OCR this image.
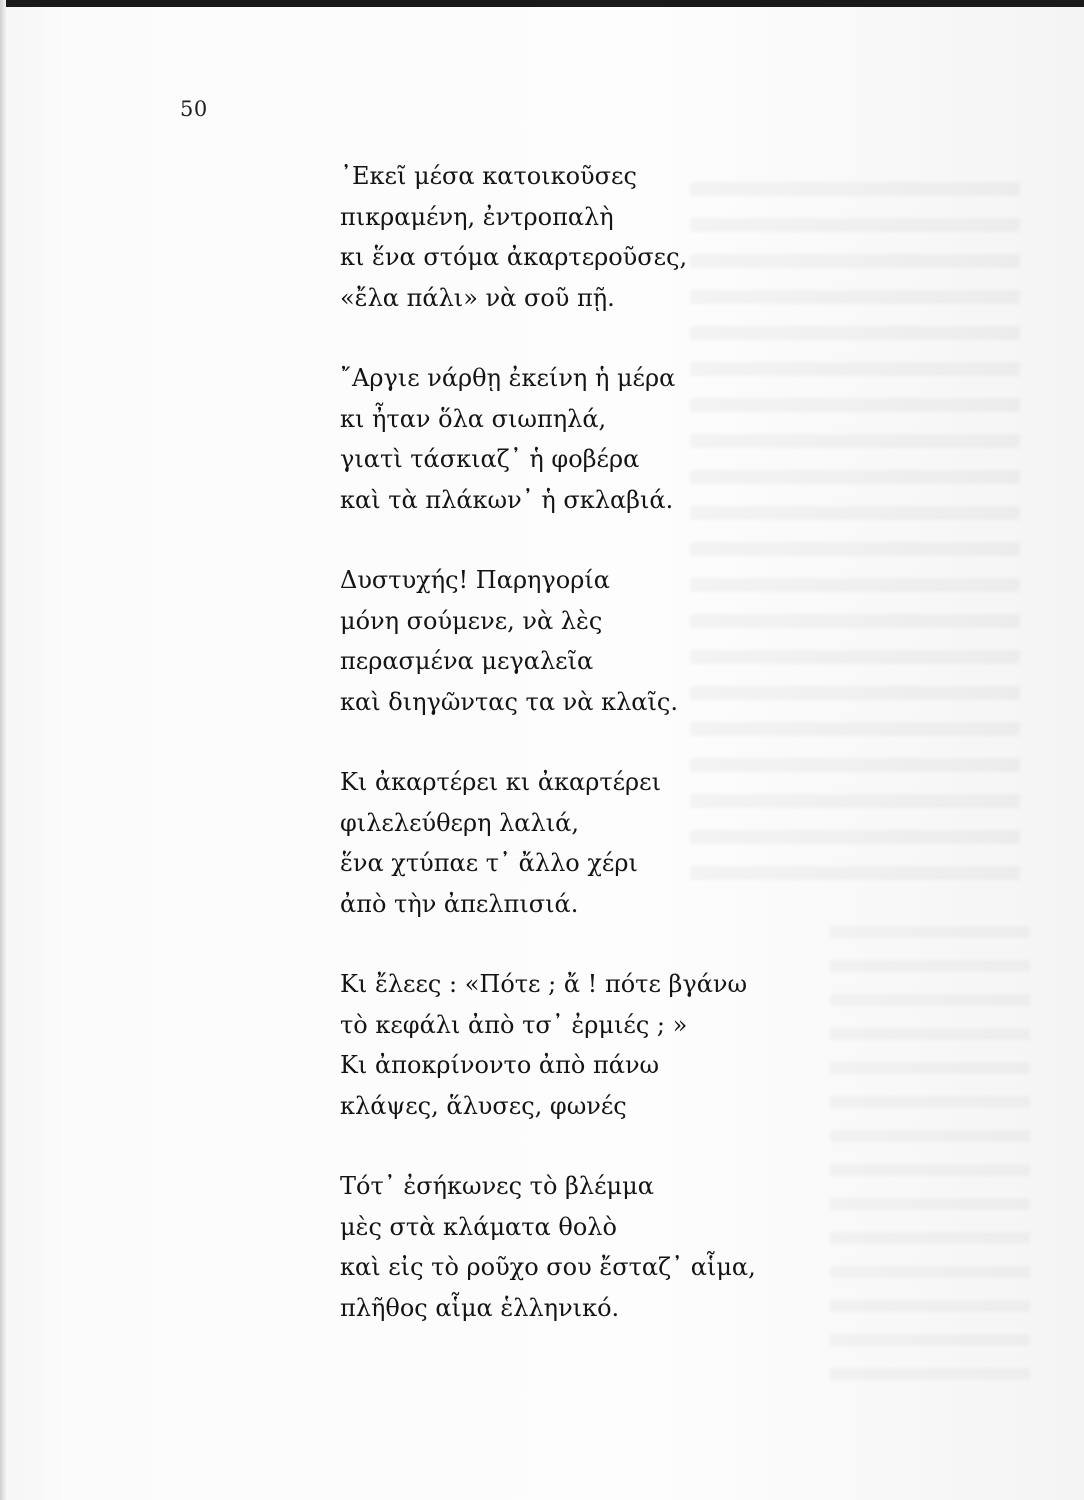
50
᾿Εκεῖ μέσα κατοικοῦσες
πικραμένη, ἐντροπαλὴ
κι ἕνα στόμα ἀκαρτεροῦσες,
«ἔλα πάλι» νὰ σοῦ πῇ.
῎Αργιε νάρθῃ ἐκείνη ἡ μέρα
κι ἦταν ὅλα σιωπηλά,
γιατὶ τάσκιαζ᾿ ἡ φοβέρα
καὶ τὰ πλάκων᾿ ἡ σκλαβιά.
Δυστυχής! Παρηγορία
μόνη σούμενε, νὰ λὲς
περασμένα μεγαλεῖα
καὶ διηγῶντας τα νὰ κλαῖς.
Κι ἀκαρτέρει κι ἀκαρτέρει
φιλελεύθερη λαλιά,
ἕνα χτύπαε τ᾿ ἄλλο χέρι
ἀπὸ τὴν ἀπελπισιά.
Κι ἔλεες : «Πότε ; ἄ ! πότε βγάνω
τὸ κεφάλι ἀπὸ τσ᾿ ἐρμιές ; »
Κι ἀποκρίνοντο ἀπὸ πάνω
κλάψες, ἅλυσες, φωνές
Τότ᾿ ἐσήκωνες τὸ βλέμμα
μὲς στὰ κλάματα θολὸ
καὶ εἰς τὸ ροῦχο σου ἔσταζ᾿ αἷμα,
πλῆθος αἷμα ἑλληνικό.
